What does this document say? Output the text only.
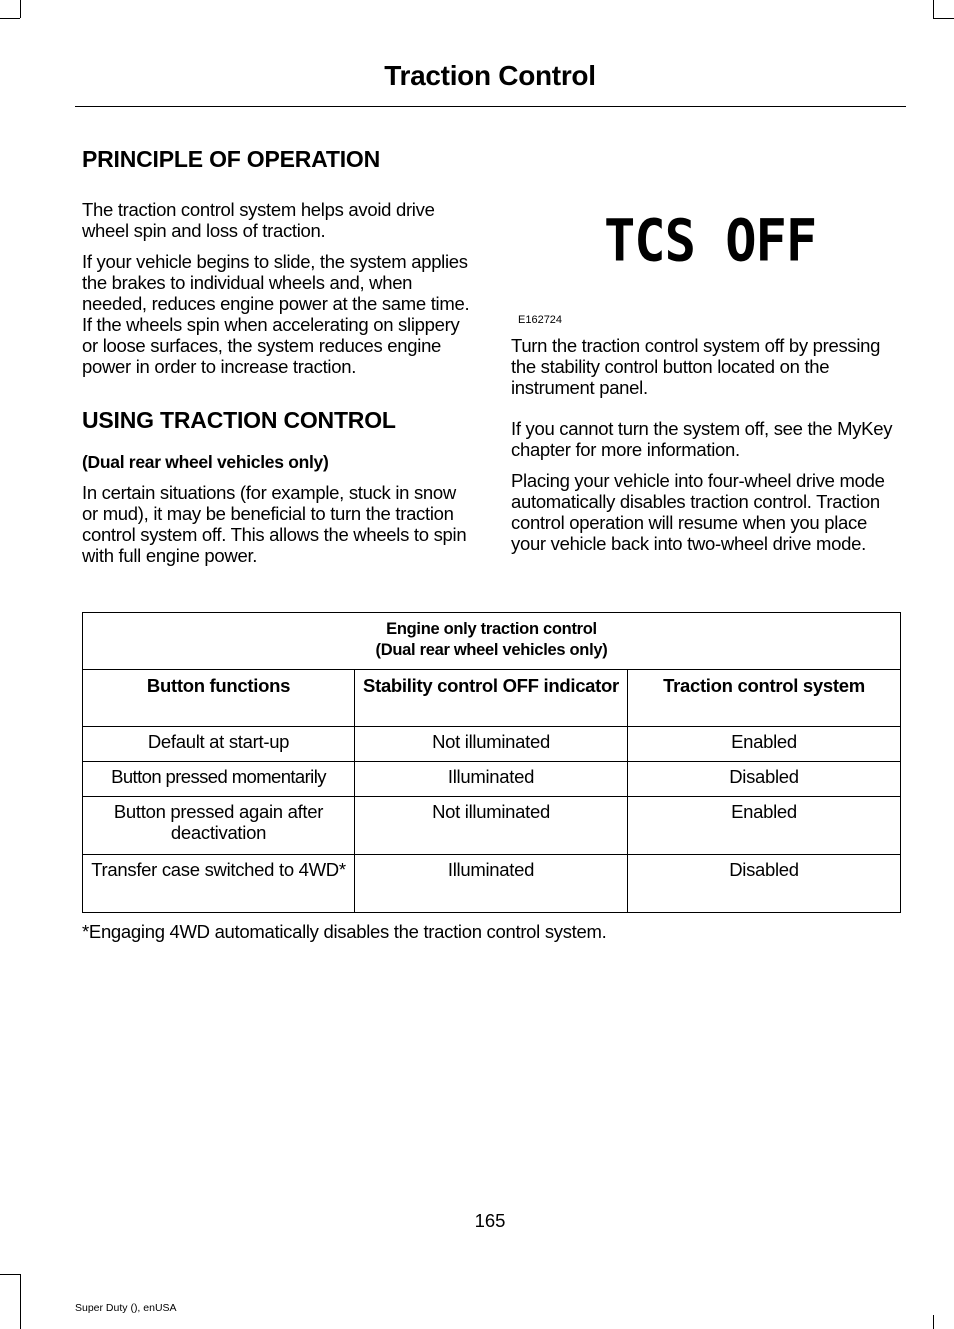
Traction Control
PRINCIPLE OF OPERATION

The traction control system helps avoid drive wheel spin and loss of traction.

If your vehicle begins to slide, the system applies the brakes to individual wheels and, when needed, reduces engine power at the same time. If the wheels spin when accelerating on slippery or loose surfaces, the system reduces engine power in order to increase traction.

USING TRACTION CONTROL

(Dual rear wheel vehicles only)

In certain situations (for example, stuck in snow or mud), it may be beneficial to turn the traction control system off. This allows the wheels to spin with full engine power.

TCS OFF
E162724

Turn the traction control system off by pressing the stability control button located on the instrument panel.

If you cannot turn the system off, see the MyKey chapter for more information.

Placing your vehicle into four-wheel drive mode automatically disables traction control. Traction control operation will resume when you place your vehicle back into two-wheel drive mode.

Engine only traction control
(Dual rear wheel vehicles only)		

Button functions	Stability control OFF indicator	Traction control system
Default at start-up	Not illuminated	Enabled
Button pressed momentarily	Illuminated	Disabled
Button pressed again after deactivation	Not illuminated	Enabled
Transfer case switched to 4WD*	Illuminated	Disabled
*Engaging 4WD automatically disables the traction control system.
165
Super Duty (), enUSA
